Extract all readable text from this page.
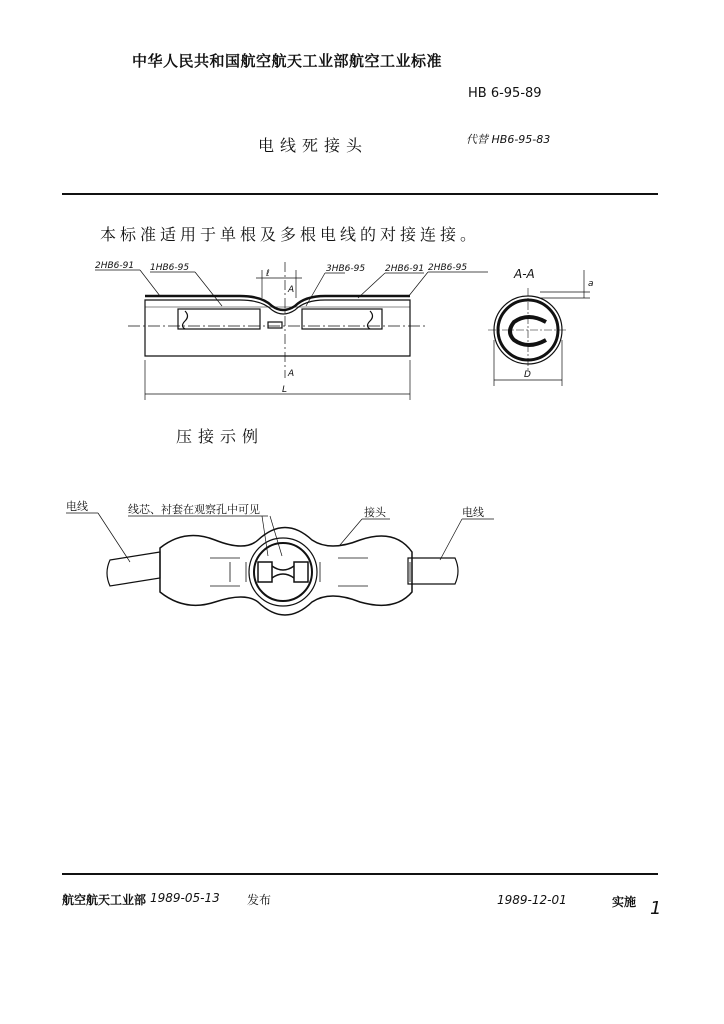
中华人民共和国航空航天工业部航空工业标准
HB 6-95-89
电线死接头	代替 HB6-95-83
本标准适用于单根及多根电线的对接连接。
2HB6-91 1HB6-95
ℓ
A
A
L
3HB6-95 2HB6-91 2HB6-95	A-A
D
a
电线	线芯、衬套在观察孔中可见	接头	电线
压接示例
航空航天工业部 1989-05-13 发布	1989-12-01	实施 1
